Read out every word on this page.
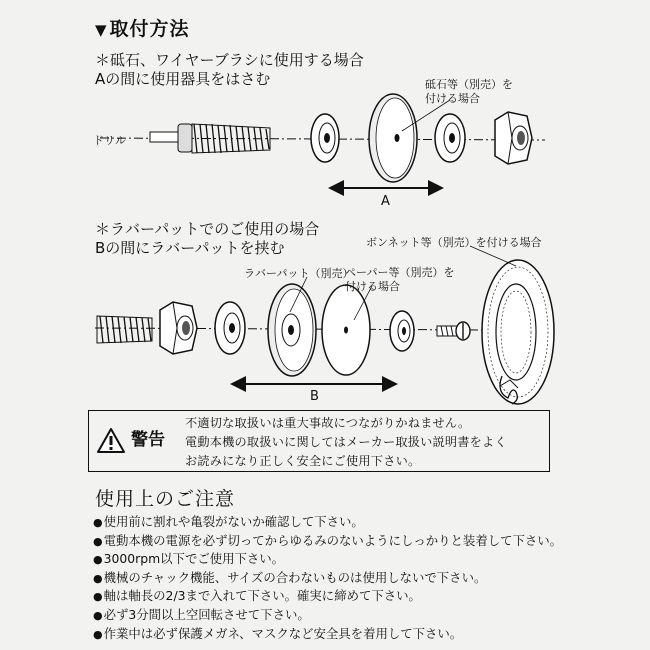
▼ 取付方法
＊砥石、ワイヤーブラシに使用する場合
Aの間に使用器具をはさむ
ドリル
砥石等（別売）を
付ける場合
A
＊ラバーパットでのご使用の場合
Bの間にラバーパットを挟む	ボンネット等（別売）を付ける場合
ラバーパット（別売）
ペーパー等（別売）を
付ける場合
B
警告
不適切な取扱いは重大事故につながりかねません。
電動本機の取扱いに関してはメーカー取扱い説明書をよく
お読みになり正しく安全にご使用下さい。
使用上のご注意
● 使用前に割れや亀裂がないか確認して下さい。
● 電動本機の電源を必ず切ってからゆるみのないようにしっかりと装着して下さい。
● 3000rpm以下でご使用下さい。
● 機械のチャック機能、サイズの合わないものは使用しないで下さい。
● 軸は軸長の2/3まで入れて下さい。確実に締めて下さい。
● 必ず3分間以上空回転させて下さい。
● 作業中は必ず保護メガネ、マスクなど安全具を着用して下さい。
